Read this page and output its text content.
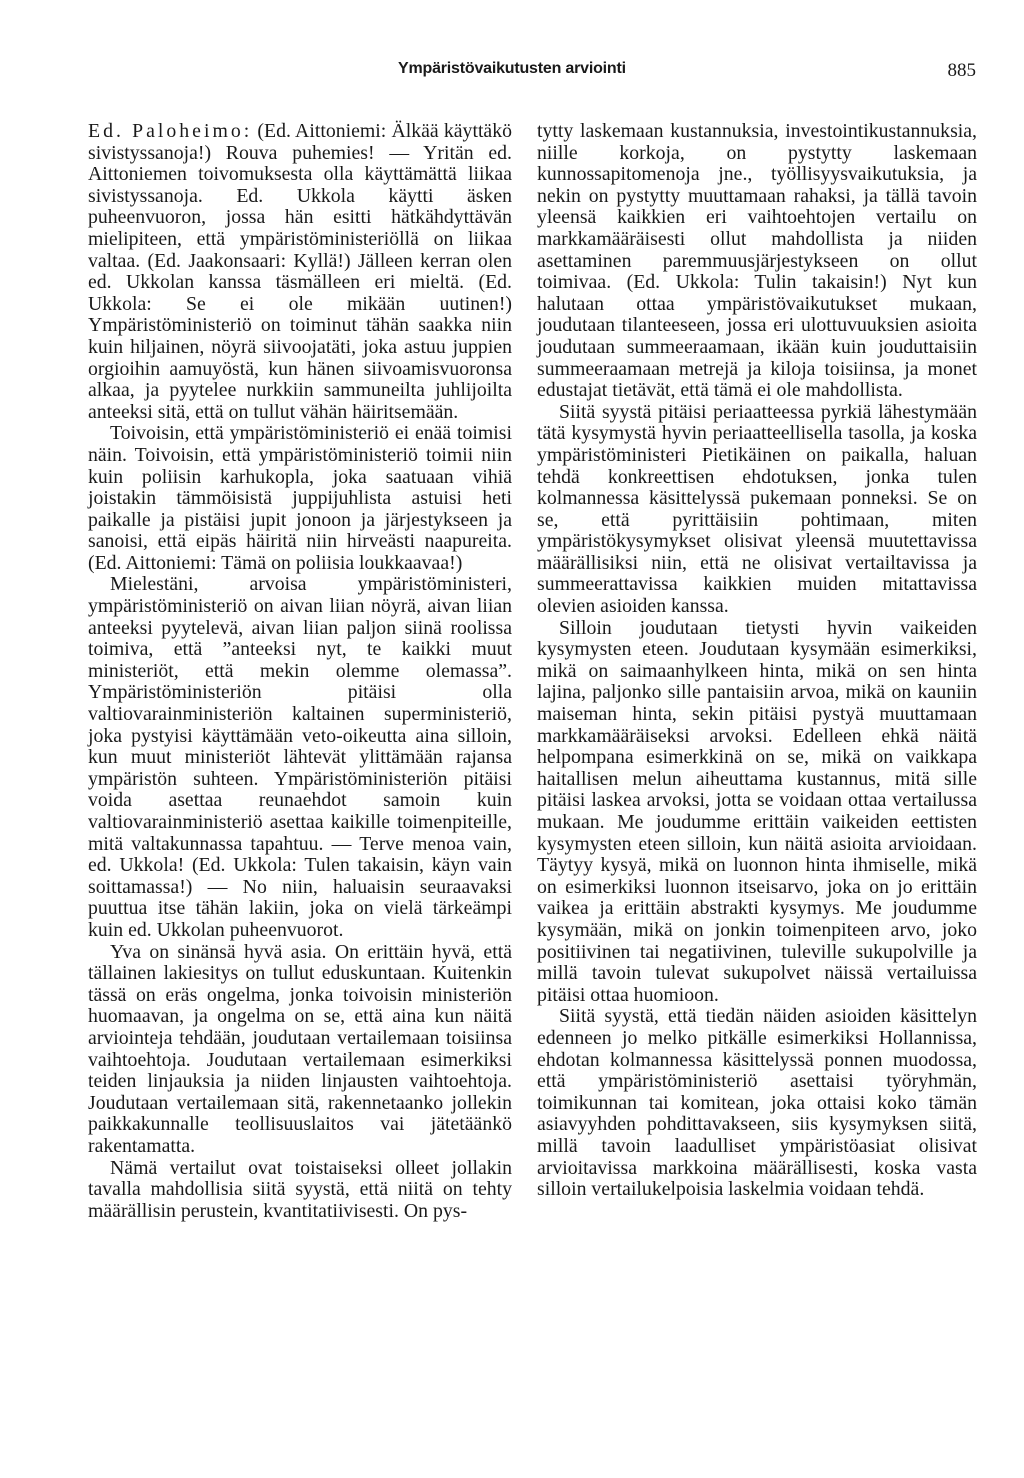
Ympäristövaikutusten arviointi	885

Ed. Paloheimo: (Ed. Aittoniemi: Älkää käyttäkö sivistyssanoja!) Rouva puhemies! — Yritän ed. Aittoniemen toivomuksesta olla käyttämättä liikaa sivistyssanoja. Ed. Ukkola käytti äsken puheenvuoron, jossa hän esitti hätkähdyttävän mielipiteen, että ympäristöministeriöllä on liikaa valtaa. (Ed. Jaakonsaari: Kyllä!) Jälleen kerran olen ed. Ukkolan kanssa täsmälleen eri mieltä. (Ed. Ukkola: Se ei ole mikään uutinen!) Ympäristöministeriö on toiminut tähän saakka niin kuin hiljainen, nöyrä siivoojatäti, joka astuu juppien orgioihin aamuyöstä, kun hänen siivoamisvuoronsa alkaa, ja pyytelee nurkkiin sammuneilta juhlijoilta anteeksi sitä, että on tullut vähän häiritsemään.

Toivoisin, että ympäristöministeriö ei enää toimisi näin. Toivoisin, että ympäristöministeriö toimii niin kuin poliisin karhukopla, joka saatuaan vihiä joistakin tämmöisistä juppijuhlista astuisi heti paikalle ja pistäisi jupit jonoon ja järjestykseen ja sanoisi, että eipäs häiritä niin hirveästi naapureita. (Ed. Aittoniemi: Tämä on poliisia loukkaavaa!)

Mielestäni, arvoisa ympäristöministeri, ympäristöministeriö on aivan liian nöyrä, aivan liian anteeksi pyytelevä, aivan liian paljon siinä roolissa toimiva, että ”anteeksi nyt, te kaikki muut ministeriöt, että mekin olemme olemassa”. Ympäristöministeriön pitäisi olla valtiovarainministeriön kaltainen superministeriö, joka pystyisi käyttämään veto-oikeutta aina silloin, kun muut ministeriöt lähtevät ylittämään rajansa ympäristön suhteen. Ympäristöministeriön pitäisi voida asettaa reunaehdot samoin kuin valtiovarainministeriö asettaa kaikille toimenpiteille, mitä valtakunnassa tapahtuu. — Terve menoa vain, ed. Ukkola! (Ed. Ukkola: Tulen takaisin, käyn vain soittamassa!) — No niin, haluaisin seuraavaksi puuttua itse tähän lakiin, joka on vielä tärkeämpi kuin ed. Ukkolan puheenvuorot.

Yva on sinänsä hyvä asia. On erittäin hyvä, että tällainen lakiesitys on tullut eduskuntaan. Kuitenkin tässä on eräs ongelma, jonka toivoisin ministeriön huomaavan, ja ongelma on se, että aina kun näitä arviointeja tehdään, joudutaan vertailemaan toisiinsa vaihtoehtoja. Joudutaan vertailemaan esimerkiksi teiden linjauksia ja niiden linjausten vaihtoehtoja. Joudutaan vertailemaan sitä, rakennetaanko jollekin paikkakunnalle teollisuuslaitos vai jätetäänkö rakentamatta.

Nämä vertailut ovat toistaiseksi olleet jollakin tavalla mahdollisia siitä syystä, että niitä on tehty määrällisin perustein, kvantitatiivisesti. On pys-

tytty laskemaan kustannuksia, investointikustannuksia, niille korkoja, on pystytty laskemaan kunnossapitomenoja jne., työllisyysvaikutuksia, ja nekin on pystytty muuttamaan rahaksi, ja tällä tavoin yleensä kaikkien eri vaihtoehtojen vertailu on markkamääräisesti ollut mahdollista ja niiden asettaminen paremmuusjärjestykseen on ollut toimivaa. (Ed. Ukkola: Tulin takaisin!) Nyt kun halutaan ottaa ympäristövaikutukset mukaan, joudutaan tilanteeseen, jossa eri ulottuvuuksien asioita joudutaan summeeraamaan, ikään kuin jouduttaisiin summeeraamaan metrejä ja kiloja toisiinsa, ja monet edustajat tietävät, että tämä ei ole mahdollista.

Siitä syystä pitäisi periaatteessa pyrkiä lähestymään tätä kysymystä hyvin periaatteellisella tasolla, ja koska ympäristöministeri Pietikäinen on paikalla, haluan tehdä konkreettisen ehdotuksen, jonka tulen kolmannessa käsittelyssä pukemaan ponneksi. Se on se, että pyrittäisiin pohtimaan, miten ympäristökysymykset olisivat yleensä muutettavissa määrällisiksi niin, että ne olisivat vertailtavissa ja summeerattavissa kaikkien muiden mitattavissa olevien asioiden kanssa.

Silloin joudutaan tietysti hyvin vaikeiden kysymysten eteen. Joudutaan kysymään esimerkiksi, mikä on saimaanhylkeen hinta, mikä on sen hinta lajina, paljonko sille pantaisiin arvoa, mikä on kauniin maiseman hinta, sekin pitäisi pystyä muuttamaan markkamääräiseksi arvoksi. Edelleen ehkä näitä helpompana esimerkkinä on se, mikä on vaikkapa haitallisen melun aiheuttama kustannus, mitä sille pitäisi laskea arvoksi, jotta se voidaan ottaa vertailussa mukaan. Me joudumme erittäin vaikeiden eettisten kysymysten eteen silloin, kun näitä asioita arvioidaan. Täytyy kysyä, mikä on luonnon hinta ihmiselle, mikä on esimerkiksi luonnon itseisarvo, joka on jo erittäin vaikea ja erittäin abstrakti kysymys. Me joudumme kysymään, mikä on jonkin toimenpiteen arvo, joko positiivinen tai negatiivinen, tuleville sukupolville ja millä tavoin tulevat sukupolvet näissä vertailuissa pitäisi ottaa huomioon.

Siitä syystä, että tiedän näiden asioiden käsittelyn edenneen jo melko pitkälle esimerkiksi Hollannissa, ehdotan kolmannessa käsittelyssä ponnen muodossa, että ympäristöministeriö asettaisi työryhmän, toimikunnan tai komitean, joka ottaisi koko tämän asiavyyhden pohdittavakseen, siis kysymyksen siitä, millä tavoin laadulliset ympäristöasiat olisivat arvioitavissa markkoina määrällisesti, koska vasta silloin vertailukelpoisia laskelmia voidaan tehdä.
